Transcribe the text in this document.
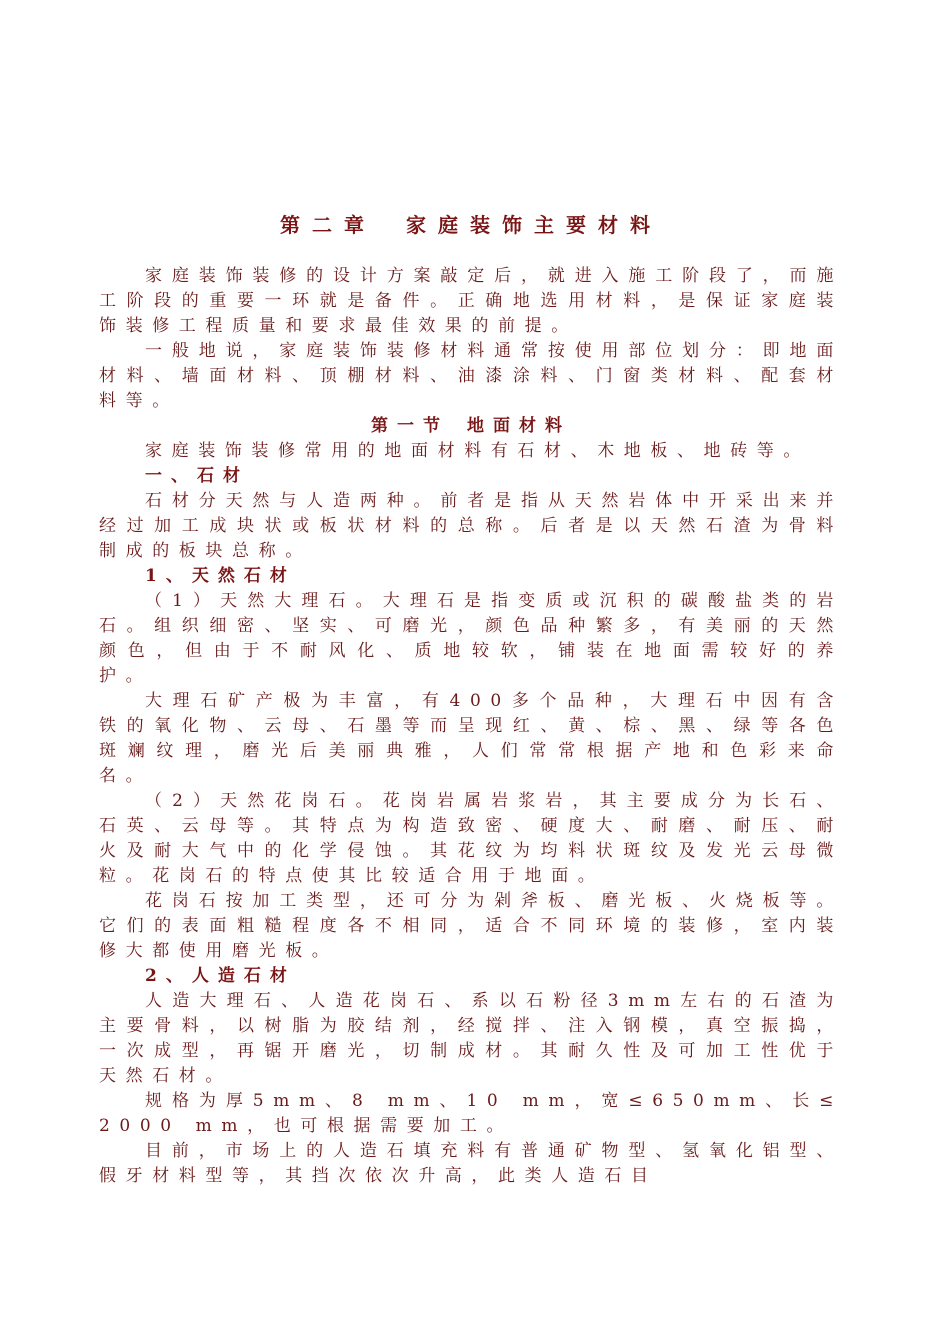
第二章 家庭装饰主要材料

家庭装饰装修的设计方案敲定后，就进入施工阶段了，而施工阶段的重要一环就是备件。正确地选用材料，是保证家庭装饰装修工程质量和要求最佳效果的前提。

一般地说，家庭装饰装修材料通常按使用部位划分：即地面材料、墙面材料、顶棚材料、油漆涂料、门窗类材料、配套材料等。

第一节 地面材料

家庭装饰装修常用的地面材料有石材、木地板、地砖等。

一、石材

石材分天然与人造两种。前者是指从天然岩体中开采出来并经过加工成块状或板状材料的总称。后者是以天然石渣为骨料制成的板块总称。

1、天然石材

（1）天然大理石。大理石是指变质或沉积的碳酸盐类的岩石。组织细密、坚实、可磨光，颜色品种繁多，有美丽的天然颜色，但由于不耐风化、质地较软，铺装在地面需较好的养护。

大理石矿产极为丰富，有400多个品种，大理石中因有含铁的氧化物、云母、石墨等而呈现红、黄、棕、黑、绿等各色斑斓纹理，磨光后美丽典雅，人们常常根据产地和色彩来命名。

（2）天然花岗石。花岗岩属岩浆岩，其主要成分为长石、石英、云母等。其特点为构造致密、硬度大、耐磨、耐压、耐火及耐大气中的化学侵蚀。其花纹为均料状斑纹及发光云母微粒。花岗石的特点使其比较适合用于地面。

花岗石按加工类型，还可分为剁斧板、磨光板、火烧板等。它们的表面粗糙程度各不相同，适合不同环境的装修，室内装修大都使用磨光板。

2、人造石材

人造大理石、人造花岗石、系以石粉径3mm左右的石渣为主要骨料，以树脂为胶结剂，经搅拌、注入钢模，真空振捣，一次成型，再锯开磨光，切制成材。其耐久性及可加工性优于天然石材。

规格为厚5mm、8 mm、10 mm，宽≤650mm、长≤2000 mm，也可根据需要加工。

目前，市场上的人造石填充料有普通矿物型、氢氧化铝型、假牙材料型等，其挡次依次升高，此类人造石目
